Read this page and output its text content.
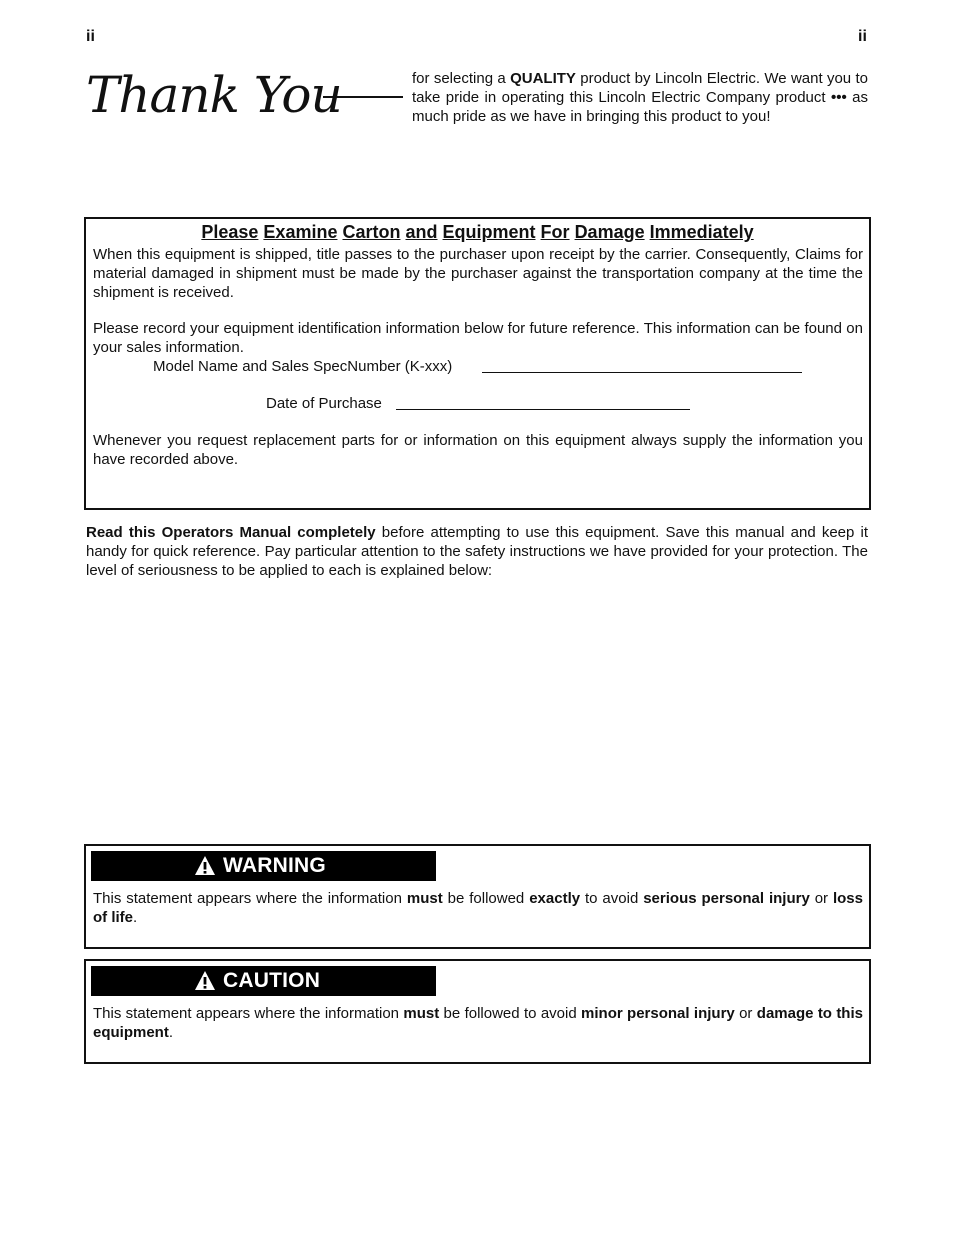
ii	ii
Thank You	for selecting a QUALITY product by Lincoln Electric. We want you to take pride in operating this Lincoln Electric Company product ••• as much pride as we have in bringing this product to you!
Please Examine Carton and Equipment For Damage Immediately
When this equipment is shipped, title passes to the purchaser upon receipt by the carrier. Consequently, Claims for material damaged in shipment must be made by the purchaser against the transportation company at the time the shipment is received.
Please record your equipment identification information below for future reference. This information can be found on your sales information.
Model Name and Sales SpecNumber (K-xxx)
Date of Purchase
Whenever you request replacement parts for or information on this equipment always supply the information you have recorded above.
Read this Operators Manual completely before attempting to use this equipment. Save this manual and keep it handy for quick reference. Pay particular attention to the safety instructions we have provided for your protection. The level of seriousness to be applied to each is explained below:
WARNING
This statement appears where the information must be followed exactly to avoid serious personal injury or loss of life.
CAUTION
This statement appears where the information must be followed to avoid minor personal injury or damage to this equipment.
